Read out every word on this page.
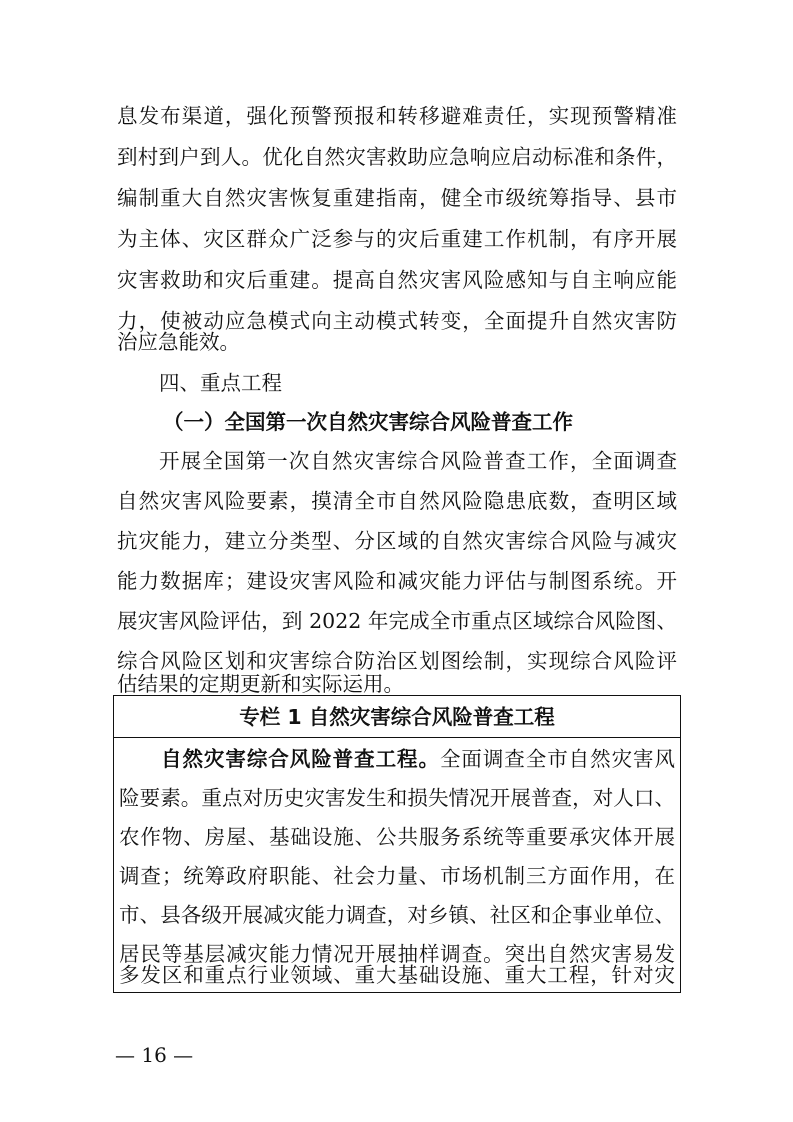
息发布渠道，强化预警预报和转移避难责任，实现预警精准
到村到户到人。优化自然灾害救助应急响应启动标准和条件，
编制重大自然灾害恢复重建指南，健全市级统筹指导、县市
为主体、灾区群众广泛参与的灾后重建工作机制，有序开展
灾害救助和灾后重建。提高自然灾害风险感知与自主响应能
力，使被动应急模式向主动模式转变，全面提升自然灾害防
治应急能效。
四、重点工程
（一）全国第一次自然灾害综合风险普查工作
开展全国第一次自然灾害综合风险普查工作，全面调查
自然灾害风险要素，摸清全市自然风险隐患底数，查明区域
抗灾能力，建立分类型、分区域的自然灾害综合风险与减灾
能力数据库；建设灾害风险和减灾能力评估与制图系统。开
展灾害风险评估，到 2022 年完成全市重点区域综合风险图、
综合风险区划和灾害综合防治区划图绘制，实现综合风险评
估结果的定期更新和实际运用。
专栏 1 自然灾害综合风险普查工程
自然灾害综合风险普查工程。全面调查全市自然灾害风
险要素。重点对历史灾害发生和损失情况开展普查，对人口、
农作物、房屋、基础设施、公共服务系统等重要承灾体开展
调查；统筹政府职能、社会力量、市场机制三方面作用，在
市、县各级开展减灾能力调查，对乡镇、社区和企事业单位、
居民等基层减灾能力情况开展抽样调查。突出自然灾害易发
多发区和重点行业领域、重大基础设施、重大工程，针对灾
— 16 —
